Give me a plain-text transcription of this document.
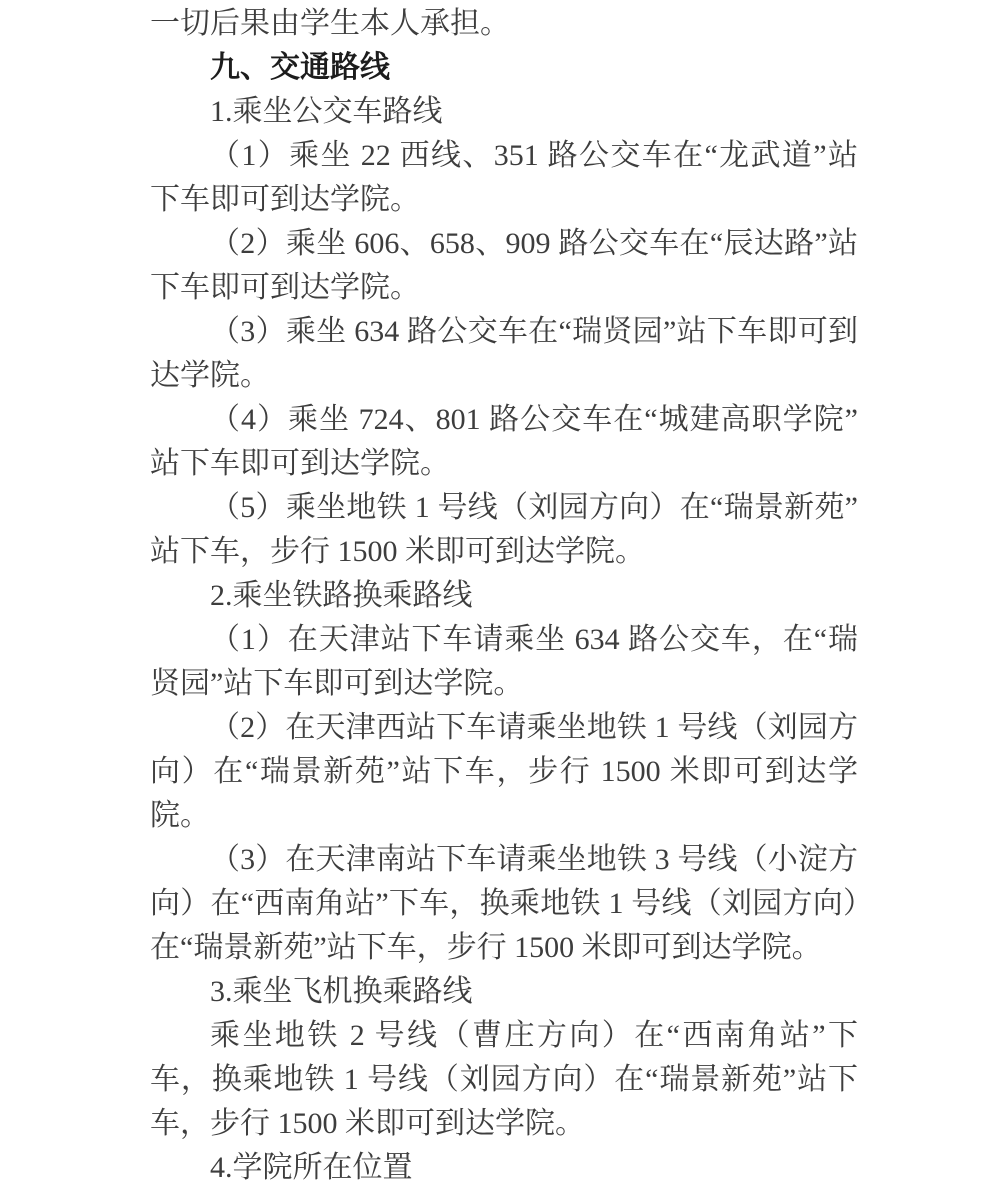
一切后果由学生本人承担。

九、交通路线

1.乘坐公交车路线

（1）乘坐 22 西线、351 路公交车在“龙武道”站下车即可到达学院。

（2）乘坐 606、658、909 路公交车在“辰达路”站下车即可到达学院。

（3）乘坐 634 路公交车在“瑞贤园”站下车即可到达学院。

（4）乘坐 724、801 路公交车在“城建高职学院”站下车即可到达学院。

（5）乘坐地铁 1 号线（刘园方向）在“瑞景新苑”站下车，步行 1500 米即可到达学院。

2.乘坐铁路换乘路线

（1）在天津站下车请乘坐 634 路公交车，在“瑞贤园”站下车即可到达学院。

（2）在天津西站下车请乘坐地铁 1 号线（刘园方向）在“瑞景新苑”站下车，步行 1500 米即可到达学院。

（3）在天津南站下车请乘坐地铁 3 号线（小淀方向）在“西南角站”下车，换乘地铁 1 号线（刘园方向）在“瑞景新苑”站下车，步行 1500 米即可到达学院。

3.乘坐飞机换乘路线

乘坐地铁 2 号线（曹庄方向）在“西南角站”下车，换乘地铁 1 号线（刘园方向）在“瑞景新苑”站下车，步行 1500 米即可到达学院。

4.学院所在位置
